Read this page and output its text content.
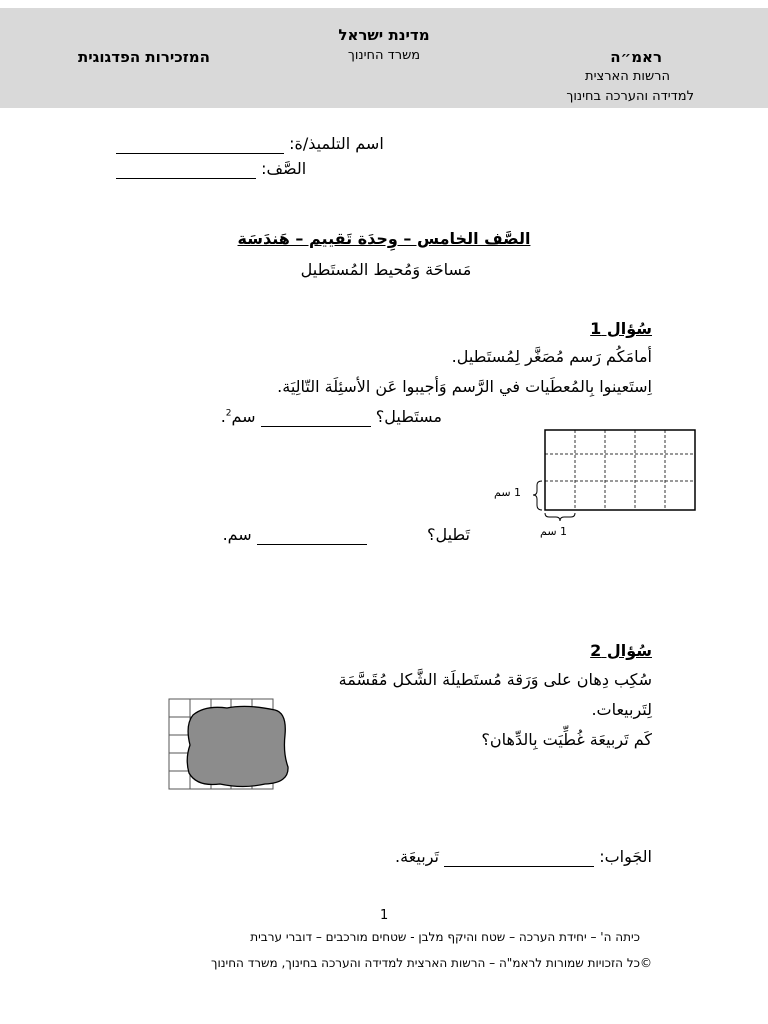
מדינת ישראל
משרד החינוך	ראמ״ה
הרשות הארצית
למדידה והערכה בחינוך
המזכירות הפדגוגית
اسم التلميذ/ة:
الصَّف:
الصَّف الخامس – وِحدَة تَقييم – هَندَسَة
مَساحَة وَمُحيط المُستَطيل
سُؤال 1
أمامَكُم رَسم مُصَغَّر لِمُستَطيل.
اِستَعينوا بِالمُعطَيات في الرَّسم وَأجيبوا عَن الأسئِلَة التّالِيَة.
مستَطيل؟   سم$^2$.
تَطيل؟    سم.
1 سم
1 سم
سُؤال 2
سُكِب دِهان على وَرَقة مُستَطيلَة الشَّكل مُقَسَّمَة
لِتَربيعات.
كَم تَربيعَة غُطِّيَت بِالدِّهان؟
الجَواب:   تَربيعَة.
1
כיתה ה' – יחידת הערכה – שטח והיקף מלבן - שטחים מורכבים – דוברי ערבית
©כל הזכויות שמורות לראמ"ה – הרשות הארצית למדידה והערכה בחינוך, משרד החינוך
